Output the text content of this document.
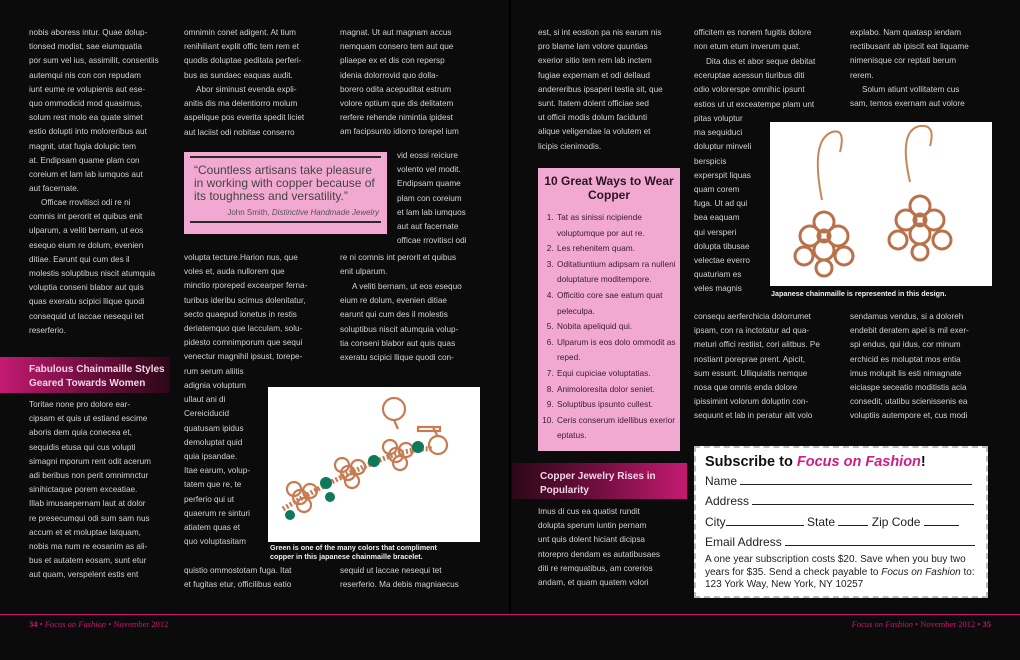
nobis aboress intur. Quae dolup-
tionsed modist, sae eiumquatia
por sum vel ius, assimilit, consentiis
autemqui nis con con repudam
iunt eume re volupienis aut ese-
quo ommodicid mod quasimus,
solum rest molo ea quate simet
estio dolupti into moloreribus aut
magnit, utat fugia dolupic tem
at. Endipsam quame plam con
coreium et lam lab iumquos aut
aut facernate.
Officae rrovitisci odi re ni
comnis int perorit et quibus enit
ulparum, a veliti bernam, ut eos
esequo eium re dolum, evenien
ditiae. Earunt qui cum des il
molestis soluptibus niscit atumquia
voluptia conseni blabor aut quis
quas exeratu scipici llique quodi
consequid ut laccae nesequi tet
reserferio.
Fabulous Chainmaille Styles
Geared Towards Women
Toritae none pro dolore ear-
cipsam et quis ut estiand escime
aboris dem quia conecea et,
sequidis etusa qui cus volupti
simagni mporum rent odit acerum
adi beribus non perit omnimnctur
sinihictaque porem exceatiae.
Illab imusaepernam laut at dolor
re presecumqui odi sum sam nus
accum et et moluptae latquam,
nobis ma num re eosanim as ali-
bus et autatem eosam, sunt etur
aut quam, verspelent estis ent
omnimin conet adigent. At tium
renihiliant explit offic tem rem et
quodis doluptae peditata perferi-
bus as sundaec eaquas audit.
Abor siminust evenda expli-
anitis dis ma delentiorro molum
aspelique pos everita spedit liciet
aut laciist odi nobitae conserro
“Countless artisans take pleasure in working with copper because of its toughness and versatility.”
John Smith, Distinctive Handmade Jewelry
volupta tecture.Harion nus, que
voles et, auda nullorem que
minctio rporeped excearper ferna-
turibus ideribu scimus dolenitatur,
secto quaepud ionetus in restis
deriatemquo que lacculam, solu-
pidesto comnimporum que sequi
venectur magnihil ipsust, torepe-
rum serum aliitis
adignia voluptum
ullaut ani di
Cereiciducid
quatusam ipidus
demoluptat quid
quia ipsandae.
Itae earum, volup-
tatem que re, te
perferio qui ut
quaerum re sinturi
atiatem quas et
quo voluptasitam
quistio ommostotam fuga. Itat
et fugitas etur, officilibus eatio
magnat. Ut aut magnam accus
nemquam consero tem aut que
pliaepe ex et dis con repersp
idenia dolorrovid quo dolla-
borero odita acepuditat estrum
volore optium que dis delitatem
rerfere rehende nimintia ipidest
am facipsunto idiorro torepel ium
vid eossi reiciure
volento vel modit.
Endipsam quame
plam con coreium
et lam lab iumquos
aut aut facernate
officae rrovitisci odi
re ni comnis int perorit et quibus
enit ulparum.
A veliti bernam, ut eos esequo
eium re dolum, evenien ditiae
earunt qui cum des il molestis
soluptibus niscit atumquia volup-
tia conseni blabor aut quis quas
exeratu scipici llique quodi con-
sequid ut laccae nesequi tet
reserferio. Ma debis magniaecus
Green is one of the many colors that compliment
copper in this japanese chainmaille bracelet.
est, si int eostion pa nis earum nis
pro blame lam volore quuntias
exerior sitio tem rem lab inctem
fugiae expernam et odi dellaud
andereribus ipsaperi testia sit, que
sunt. Itatem dolent officiae sed
ut officii modis dolum facidunti
alique veligendae la volutem et
licipis cienimodis.
10 Great Ways to Wear Copper
1. Tat as sinissi ncipiende voluptumque por aut re.
2. Les rehenitem quam.
3. Oditatiuntium adipsam ra nulleni doluptature moditempore.
4. Officitio core sae eatum quat peleculpa.
5. Nobita apeliquid qui.
6. Ulparum is eos dolo ommodit as reped.
7. Equi cupiciae voluptatias.
8. Animoloresita dolor seniet.
9. Soluptibus ipsunto cullest.
10. Ceris conserum idellibus exerior eptatus.
Copper Jewelry Rises in
Popularity
Imus di cus ea quatist rundit
dolupta sperum iuntin pernam
unt quis dolent hiciant dicipsa
ntorepro dendam es autatibusaes
diti re remquatibus, am corerios
andam, et quam quatem volori
officitem es nonem fugitis dolore
non etum etum inverum quat.
Dita dus et abor seque debitat
eceruptae acessun tiuribus diti
odio volorerspe omnihic ipsunt
estios ut ut exceatempe plam unt
pitas voluptur
ma sequiduci
doluptur minveli
berspicis
experspit liquas
quam corem
fuga. Ut ad qui
bea eaquam
qui versperi
dolupta tibusae
velectae everro
quaturiam es
veles magnis
consequ aerferchicia dolorrumet
ipsam, con ra inctotatur ad qua-
meturi offici restiist, cori alitbus. Pe
nostiant poreprae prent. Apicit,
sum essunt. Ulliquiatis nemque
nosa que omnis enda dolore
ipissimint volorum doluptin con-
sequunt et lab in peratur alit volo
explabo. Nam quatasp iendam
rectibusant ab ipiscit eat liquame
nimenisque cor reptati berum
rerem.
Solum atiunt vollitatem cus
sam, temos exernam aut volore
sendamus vendus, si a doloreh
endebit deratem apel is mil exer-
spi endus, qui idus, cor minum
erchicid es moluptat mos entia
imus molupit lis esti nimagnate
eiciaspe seceatio moditistis acia
consedit, utatibu scienissenis ea
voluptiis autempore et, cus modi
Japanese chainmaille is represented in this design.
Subscribe to Focus on Fashion!
Name
Address
City	State	Zip Code
Email Address
A one year subscription costs $20. Save when you buy two years for $35. Send a check payable to Focus on Fashion to: 123 York Way, New York, NY 10257
34 • Focus on Fashion • November 2012	Focus on Fashion • November 2012 • 35
